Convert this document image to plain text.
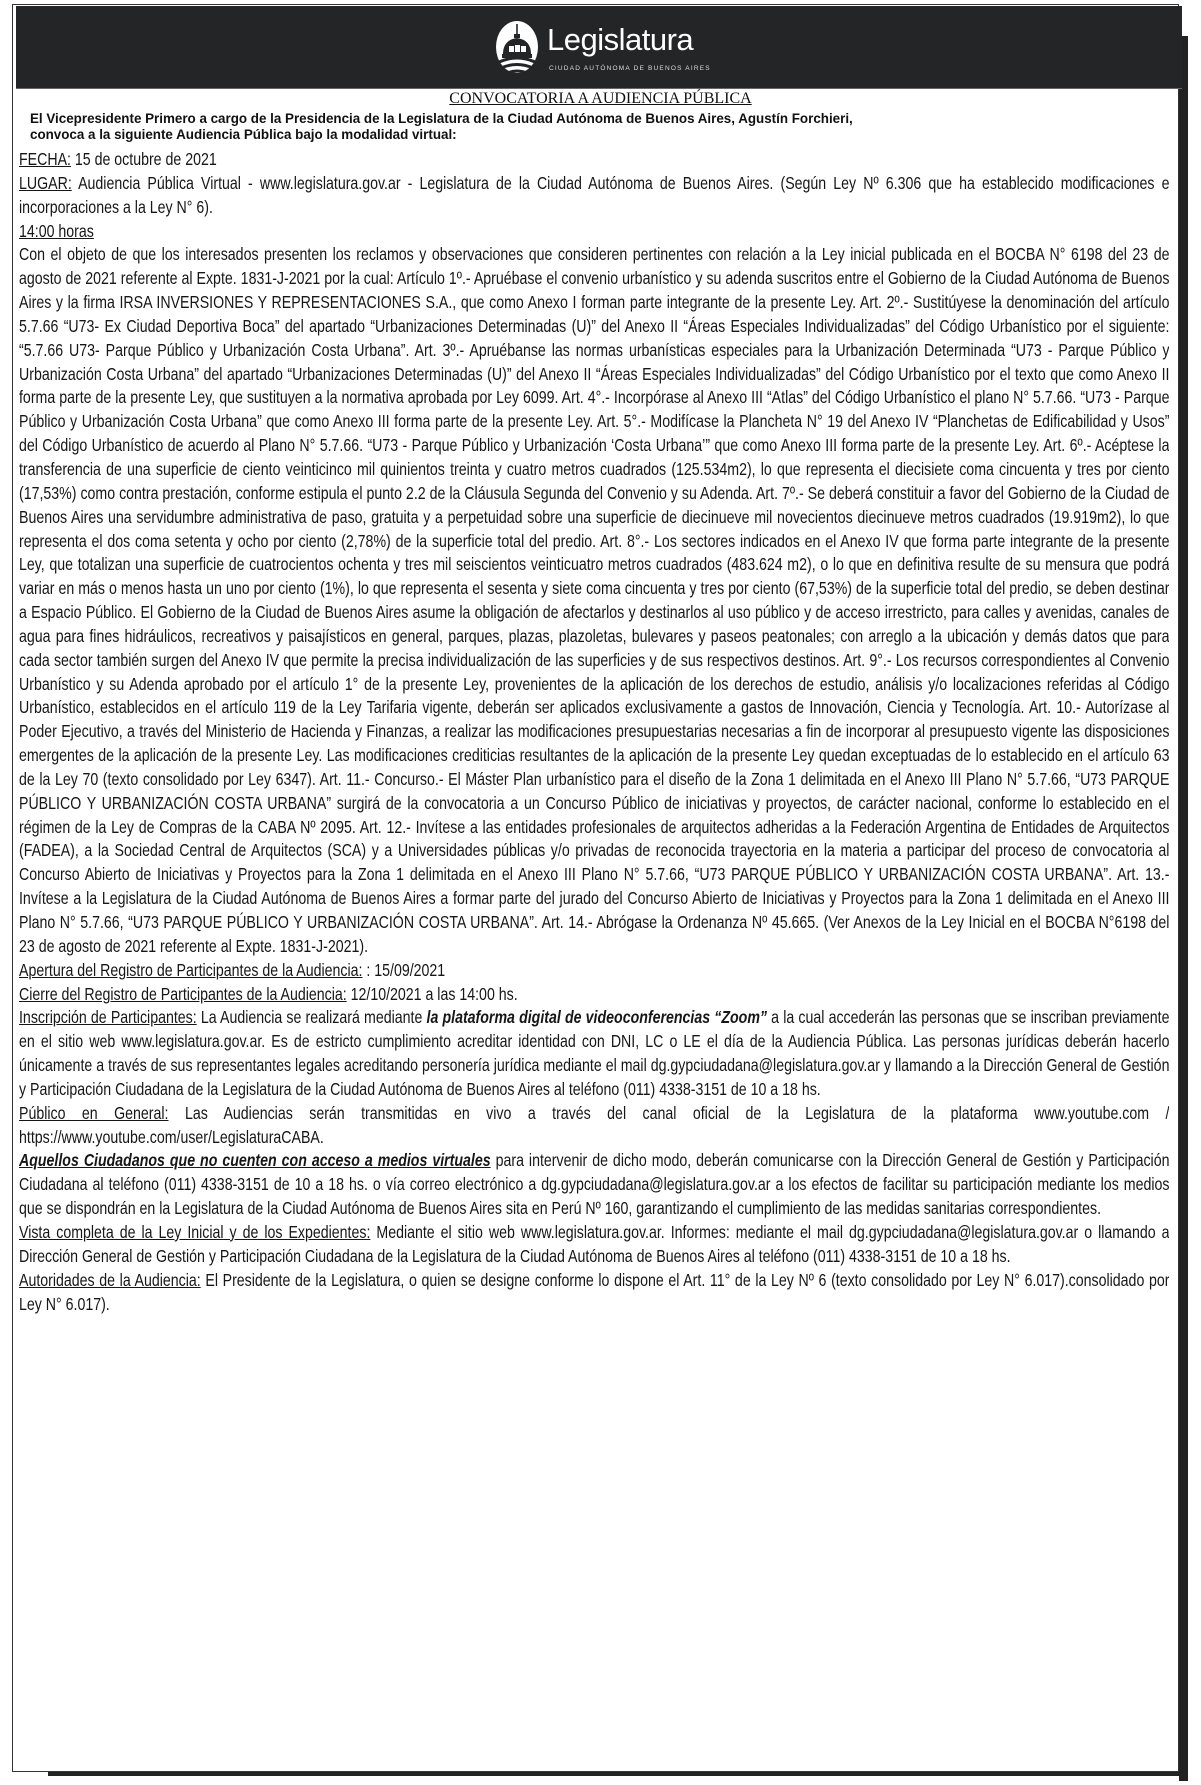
Legislatura
CIUDAD AUTÓNOMA DE BUENOS AIRES
CONVOCATORIA A AUDIENCIA PÚBLICA
El Vicepresidente Primero a cargo de la Presidencia de la Legislatura de la Ciudad Autónoma de Buenos Aires, Agustín Forchieri,
convoca a la siguiente Audiencia Pública bajo la modalidad virtual:

FECHA: 15 de octubre de 2021

LUGAR: Audiencia Pública Virtual - www.legislatura.gov.ar - Legislatura de la Ciudad Autónoma de Buenos Aires. (Según Ley Nº 6.306 que ha establecido modificaciones e incorporaciones a la Ley N° 6).

14:00 horas

Con el objeto de que los interesados presenten los reclamos y observaciones que consideren pertinentes con relación a la Ley inicial publicada en el BOCBA N° 6198 del 23 de agosto de 2021 referente al Expte. 1831-J-2021 por la cual: Artículo 1º.- Apruébase el convenio urbanístico y su adenda suscritos entre el Gobierno de la Ciudad Autónoma de Buenos Aires y la firma IRSA INVERSIONES Y REPRESENTACIONES S.A., que como Anexo I forman parte integrante de la presente Ley. Art. 2º.- Sustitúyese la denominación del artículo 5.7.66 “U73- Ex Ciudad Deportiva Boca” del apartado “Urbanizaciones Determinadas (U)” del Anexo II “Áreas Especiales Individualizadas” del Código Urbanístico por el siguiente: “5.7.66 U73- Parque Público y Urbanización Costa Urbana”. Art. 3º.- Apruébanse las normas urbanísticas especiales para la Urbanización Determinada “U73 - Parque Público y Urbanización Costa Urbana” del apartado “Urbanizaciones Determinadas (U)” del Anexo II “Áreas Especiales Individualizadas” del Código Urbanístico por el texto que como Anexo II forma parte de la presente Ley, que sustituyen a la normativa aprobada por Ley 6099. Art. 4°.- Incorpórase al Anexo III “Atlas” del Código Urbanístico el plano N° 5.7.66. “U73 - Parque Público y Urbanización Costa Urbana” que como Anexo III forma parte de la presente Ley. Art. 5°.- Modifícase la Plancheta N° 19 del Anexo IV “Planchetas de Edificabilidad y Usos” del Código Urbanístico de acuerdo al Plano N° 5.7.66. “U73 - Parque Público y Urbanización ‘Costa Urbana’” que como Anexo III forma parte de la presente Ley. Art. 6º.- Acéptese la transferencia de una superficie de ciento veinticinco mil quinientos treinta y cuatro metros cuadrados (125.534m2), lo que representa el diecisiete coma cincuenta y tres por ciento (17,53%) como contra prestación, conforme estipula el punto 2.2 de la Cláusula Segunda del Convenio y su Adenda. Art. 7º.- Se deberá constituir a favor del Gobierno de la Ciudad de Buenos Aires una servidumbre administrativa de paso, gratuita y a perpetuidad sobre una superficie de diecinueve mil novecientos diecinueve metros cuadrados (19.919m2), lo que representa el dos coma setenta y ocho por ciento (2,78%) de la superficie total del predio. Art. 8°.- Los sectores indicados en el Anexo IV que forma parte integrante de la presente Ley, que totalizan una superficie de cuatrocientos ochenta y tres mil seiscientos veinticuatro metros cuadrados (483.624 m2), o lo que en definitiva resulte de su mensura que podrá variar en más o menos hasta un uno por ciento (1%), lo que representa el sesenta y siete coma cincuenta y tres por ciento (67,53%) de la superficie total del predio, se deben destinar a Espacio Público. El Gobierno de la Ciudad de Buenos Aires asume la obligación de afectarlos y destinarlos al uso público y de acceso irrestricto, para calles y avenidas, canales de agua para fines hidráulicos, recreativos y paisajísticos en general, parques, plazas, plazoletas, bulevares y paseos peatonales; con arreglo a la ubicación y demás datos que para cada sector también surgen del Anexo IV que permite la precisa individualización de las superficies y de sus respectivos destinos. Art. 9°.- Los recursos correspondientes al Convenio Urbanístico y su Adenda aprobado por el artículo 1° de la presente Ley, provenientes de la aplicación de los derechos de estudio, análisis y/o localizaciones referidas al Código Urbanístico, establecidos en el artículo 119 de la Ley Tarifaria vigente, deberán ser aplicados exclusivamente a gastos de Innovación, Ciencia y Tecnología. Art. 10.- Autorízase al Poder Ejecutivo, a través del Ministerio de Hacienda y Finanzas, a realizar las modificaciones presupuestarias necesarias a fin de incorporar al presupuesto vigente las disposiciones emergentes de la aplicación de la presente Ley. Las modificaciones crediticias resultantes de la aplicación de la presente Ley quedan exceptuadas de lo establecido en el artículo 63 de la Ley 70 (texto consolidado por Ley 6347). Art. 11.- Concurso.- El Máster Plan urbanístico para el diseño de la Zona 1 delimitada en el Anexo III Plano N° 5.7.66, “U73 PARQUE PÚBLICO Y URBANIZACIÓN COSTA URBANA” surgirá de la convocatoria a un Concurso Público de iniciativas y proyectos, de carácter nacional, conforme lo establecido en el régimen de la Ley de Compras de la CABA Nº 2095. Art. 12.- Invítese a las entidades profesionales de arquitectos adheridas a la Federación Argentina de Entidades de Arquitectos (FADEA), a la Sociedad Central de Arquitectos (SCA) y a Universidades públicas y/o privadas de reconocida trayectoria en la materia a participar del proceso de convocatoria al Concurso Abierto de Iniciativas y Proyectos para la Zona 1 delimitada en el Anexo III Plano N° 5.7.66, “U73 PARQUE PÚBLICO Y URBANIZACIÓN COSTA URBANA”. Art. 13.- Invítese a la Legislatura de la Ciudad Autónoma de Buenos Aires a formar parte del jurado del Concurso Abierto de Iniciativas y Proyectos para la Zona 1 delimitada en el Anexo III Plano N° 5.7.66, “U73 PARQUE PÚBLICO Y URBANIZACIÓN COSTA URBANA”. Art. 14.- Abrógase la Ordenanza Nº 45.665. (Ver Anexos de la Ley Inicial en el BOCBA N°6198 del 23 de agosto de 2021 referente al Expte. 1831-J-2021).

Apertura del Registro de Participantes de la Audiencia: : 15/09/2021

Cierre del Registro de Participantes de la Audiencia: 12/10/2021 a las 14:00 hs.

Inscripción de Participantes: La Audiencia se realizará mediante la plataforma digital de videoconferencias “Zoom” a la cual accederán las personas que se inscriban previamente en el sitio web www.legislatura.gov.ar. Es de estricto cumplimiento acreditar identidad con DNI, LC o LE el día de la Audiencia Pública. Las personas jurídicas deberán hacerlo únicamente a través de sus representantes legales acreditando personería jurídica mediante el mail dg.gypciudadana@legislatura.gov.ar y llamando a la Dirección General de Gestión y Participación Ciudadana de la Legislatura de la Ciudad Autónoma de Buenos Aires al teléfono (011) 4338-3151 de 10 a 18 hs.

Público en General: Las Audiencias serán transmitidas en vivo a través del canal oficial de la Legislatura de la plataforma www.youtube.com / https://www.youtube.com/user/LegislaturaCABA.

Aquellos Ciudadanos que no cuenten con acceso a medios virtuales para intervenir de dicho modo, deberán comunicarse con la Dirección General de Gestión y Participación Ciudadana al teléfono (011) 4338-3151 de 10 a 18 hs. o vía correo electrónico a dg.gypciudadana@legislatura.gov.ar a los efectos de facilitar su participación mediante los medios que se dispondrán en la Legislatura de la Ciudad Autónoma de Buenos Aires sita en Perú Nº 160, garantizando el cumplimiento de las medidas sanitarias correspondientes.

Vista completa de la Ley Inicial y de los Expedientes: Mediante el sitio web www.legislatura.gov.ar. Informes: mediante el mail dg.gypciudadana@legislatura.gov.ar o llamando a Dirección General de Gestión y Participación Ciudadana de la Legislatura de la Ciudad Autónoma de Buenos Aires al teléfono (011) 4338-3151 de 10 a 18 hs.

Autoridades de la Audiencia: El Presidente de la Legislatura, o quien se designe conforme lo dispone el Art. 11° de la Ley Nº 6 (texto consolidado por Ley N° 6.017).consolidado por Ley N° 6.017).
